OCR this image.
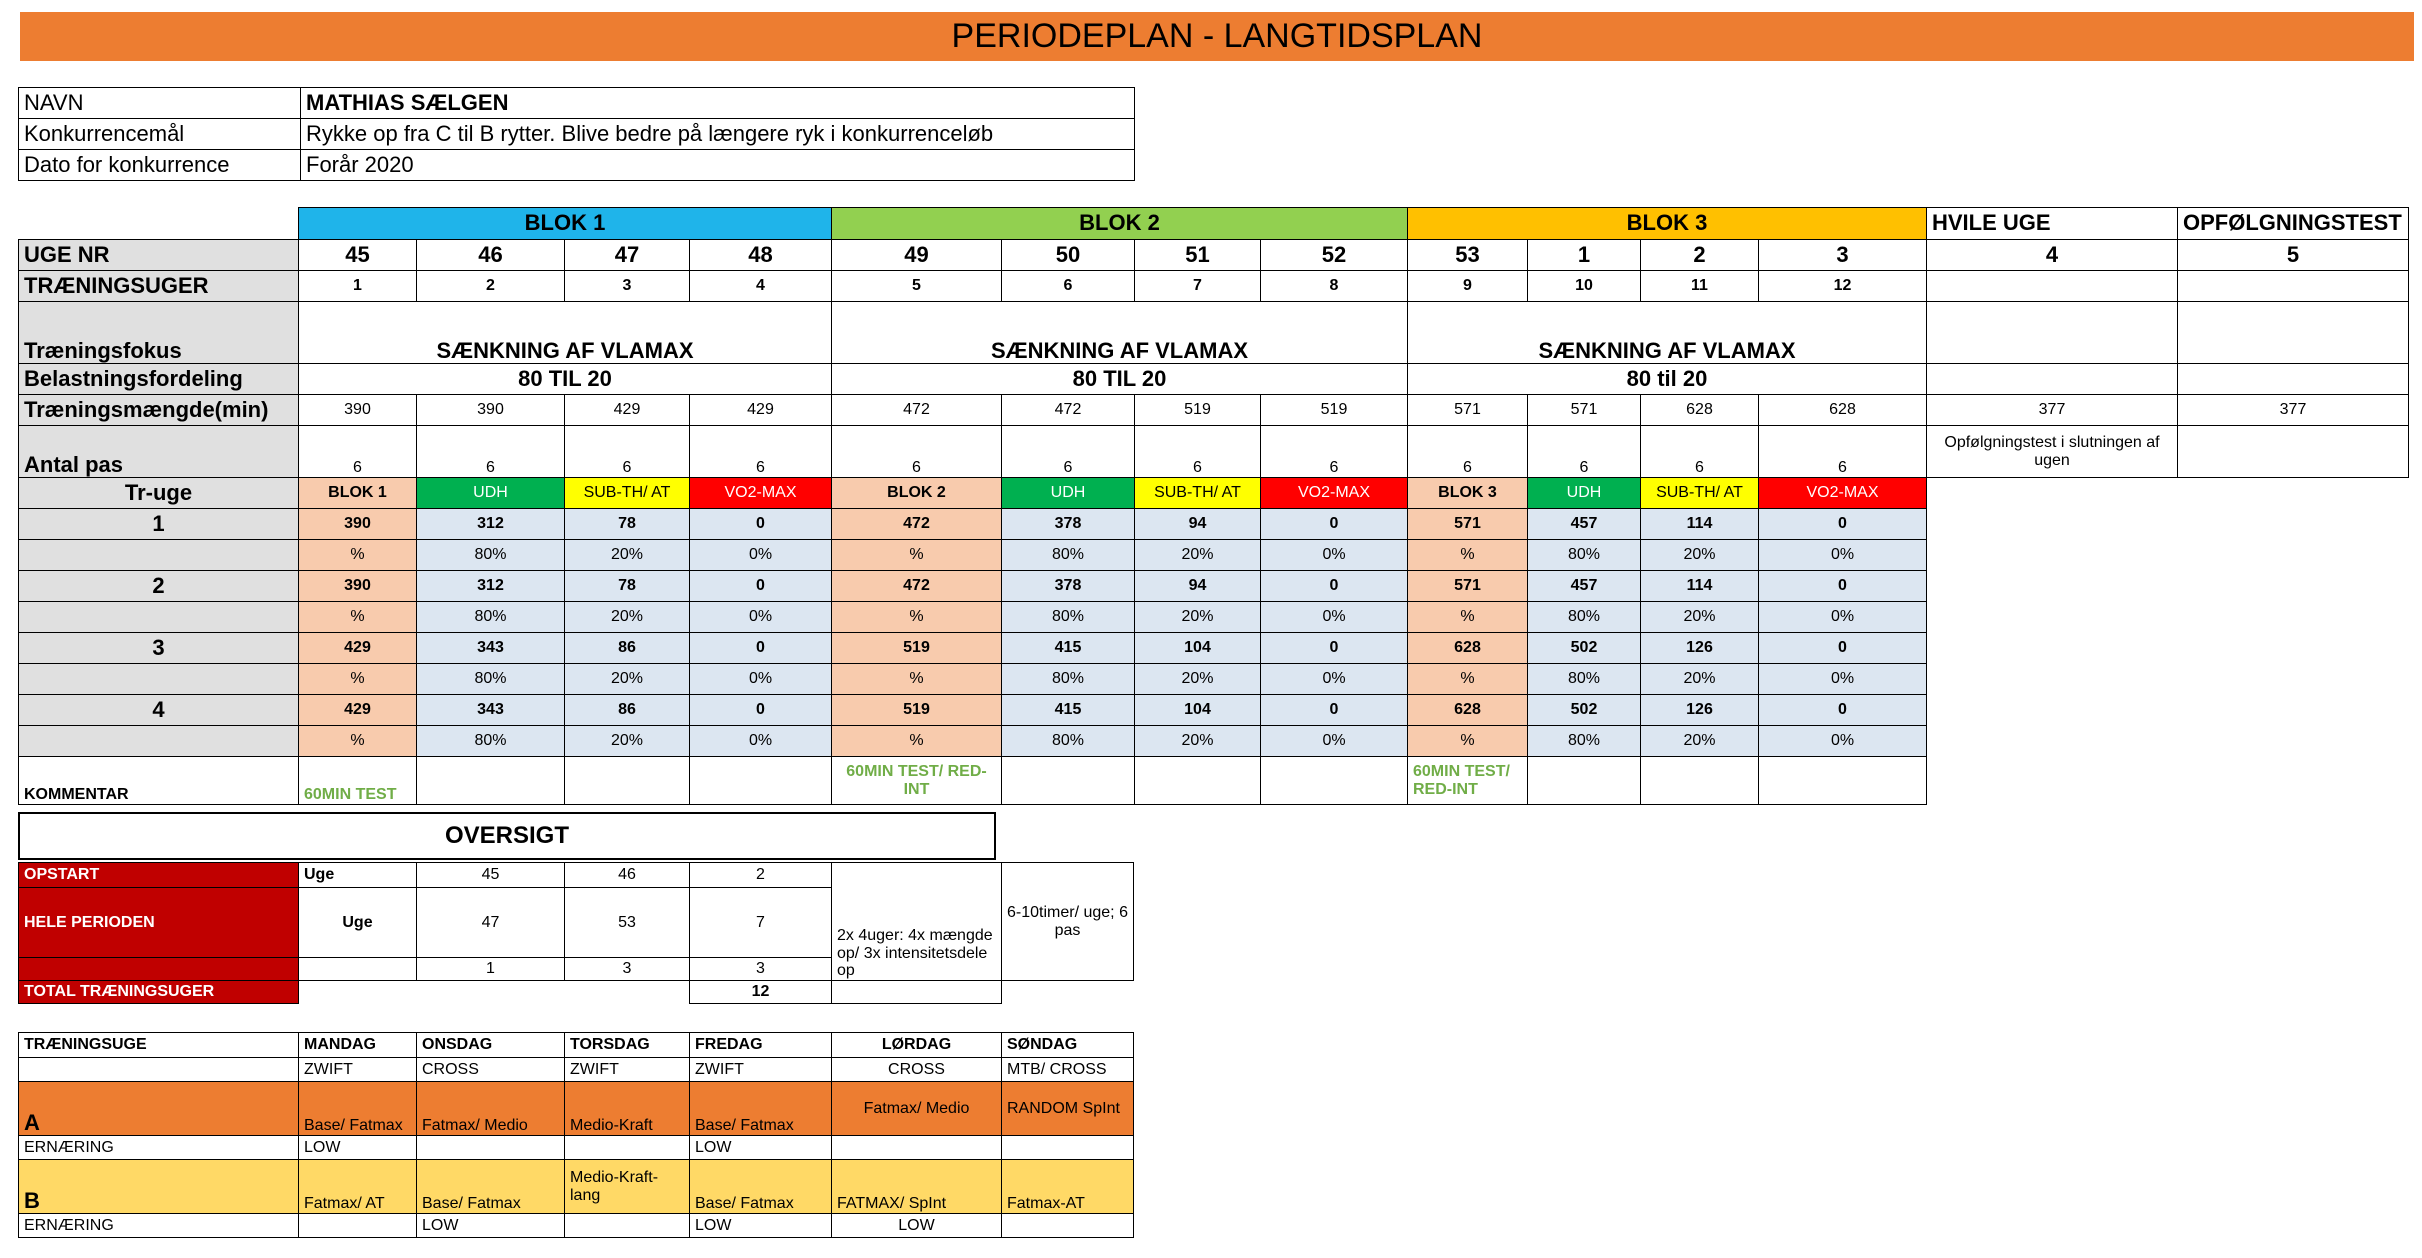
PERIODEPLAN - LANGTIDSPLAN
NAVN	MATHIAS SÆLGEN
Konkurrencemål	Rykke op fra C til B rytter. Blive bedre på længere ryk i konkurrenceløb
Dato for konkurrence	Forår 2020
	BLOK 1				BLOK 2				BLOK 3				HVILE UGE	OPFØLGNINGSTEST
UGE NR	45	46	47	48	49	50	51	52	53	1	2	3	4	5
TRÆNINGSUGER	1	2	3	4	5	6	7	8	9	10	11	12		
Træningsfokus	SÆNKNING AF VLAMAX				SÆNKNING AF VLAMAX				SÆNKNING AF VLAMAX					
Belastningsfordeling	80 TIL 20				80 TIL 20				80 til 20					
Træningsmængde(min)	390	390	429	429	472	472	519	519	571	571	628	628	377	377
Antal pas	6	6	6	6	6	6	6	6	6	6	6	6	Opfølgningstest i slutningen af ugen	
Tr-uge	BLOK 1	UDH	SUB-TH/ AT	VO2-MAX	BLOK 2	UDH	SUB-TH/ AT	VO2-MAX	BLOK 3	UDH	SUB-TH/ AT	VO2-MAX		
1	390	312	78	0	472	378	94	0	571	457	114	0		
	%	80%	20%	0%	%	80%	20%	0%	%	80%	20%	0%		
2	390	312	78	0	472	378	94	0	571	457	114	0		
	%	80%	20%	0%	%	80%	20%	0%	%	80%	20%	0%		
3	429	343	86	0	519	415	104	0	628	502	126	0		
	%	80%	20%	0%	%	80%	20%	0%	%	80%	20%	0%		
4	429	343	86	0	519	415	104	0	628	502	126	0		
	%	80%	20%	0%	%	80%	20%	0%	%	80%	20%	0%		
KOMMENTAR	60MIN TEST				60MIN TEST/ RED-INT				60MIN TEST/ RED-INT					
OVERSIGT
OPSTART	Uge	45	46	2	2x 4uger: 4x mængde op/ 3x intensitetsdele op	6-10timer/ uge; 6 pas
HELE PERIODEN	Uge	47	53	7		
		1	3	3		
TOTAL TRÆNINGSUGER				12		
TRÆNINGSUGE	MANDAG	ONSDAG	TORSDAG	FREDAG	LØRDAG	SØNDAG
	ZWIFT	CROSS	ZWIFT	ZWIFT	CROSS	MTB/ CROSS
A	Base/ Fatmax	Fatmax/ Medio	Medio-Kraft	Base/ Fatmax	Fatmax/ Medio	RANDOM SpInt
ERNÆRING	LOW			LOW		
B	Fatmax/ AT	Base/ Fatmax	Medio-Kraft-lang	Base/ Fatmax	FATMAX/ SpInt	Fatmax-AT
ERNÆRING		LOW		LOW	LOW	
